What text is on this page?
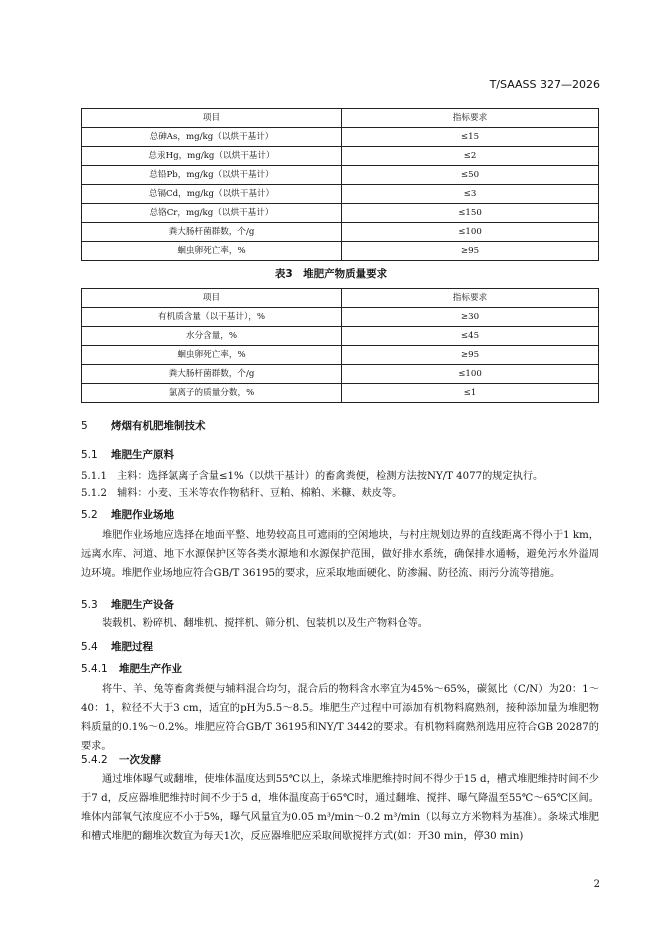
T/SAASS 327—2026
项目	指标要求
总砷As，mg/kg（以烘干基计）	≤15
总汞Hg，mg/kg（以烘干基计）	≤2
总铅Pb，mg/kg（以烘干基计）	≤50
总镉Cd，mg/kg（以烘干基计）	≤3
总铬Cr，mg/kg（以烘干基计）	≤150
粪大肠杆菌群数，个/g	≤100
蛔虫卵死亡率，%	≥95
表3　堆肥产物质量要求
项目	指标要求
有机质含量（以干基计），%	≥30
水分含量，%	≤45
蛔虫卵死亡率，%	≥95
粪大肠杆菌群数，个/g	≤100
氯离子的质量分数，%	≤1
5 烤烟有机肥堆制技术
5.1 堆肥生产原料
5.1.1　主料：选择氯离子含量≤1%（以烘干基计）的畜禽粪便，检测方法按NY/T 4077的规定执行。
5.1.2　辅料：小麦、玉米等农作物秸秆、豆粕、棉粕、米糠、麸皮等。
5.2 堆肥作业场地
堆肥作业场地应选择在地面平整、地势较高且可遮雨的空闲地块，与村庄规划边界的直线距离不得小于1 km，远离水库、河道、地下水源保护区等各类水源地和水源保护范围，做好排水系统，确保排水通畅，避免污水外溢周边环境。堆肥作业场地应符合GB/T 36195的要求，应采取地面硬化、防渗漏、防径流、雨污分流等措施。
5.3 堆肥生产设备
装载机、粉碎机、翻堆机、搅拌机、筛分机、包装机以及生产物料仓等。
5.4 堆肥过程
5.4.1 堆肥生产作业
将牛、羊、兔等畜禽粪便与辅料混合均匀，混合后的物料含水率宜为45%～65%，碳氮比（C/N）为20：1～40：1，粒径不大于3 cm，适宜的pH为5.5～8.5。堆肥生产过程中可添加有机物料腐熟剂，接种添加量为堆肥物料质量的0.1%～0.2%。堆肥应符合GB/T 36195和NY/T 3442的要求。有机物料腐熟剂选用应符合GB 20287的要求。
5.4.2 一次发酵
通过堆体曝气或翻堆，使堆体温度达到55℃以上，条垛式堆肥维持时间不得少于15 d，槽式堆肥维持时间不少于7 d，反应器堆肥维持时间不少于5 d，堆体温度高于65℃时，通过翻堆、搅拌、曝气降温至55℃～65℃区间。堆体内部氧气浓度应不小于5%，曝气风量宜为0.05 m³/min～0.2 m³/min（以每立方米物料为基准）。条垛式堆肥和槽式堆肥的翻堆次数宜为每天1次，反应器堆肥应采取间歇搅拌方式(如：开30 min，停30 min)
2
